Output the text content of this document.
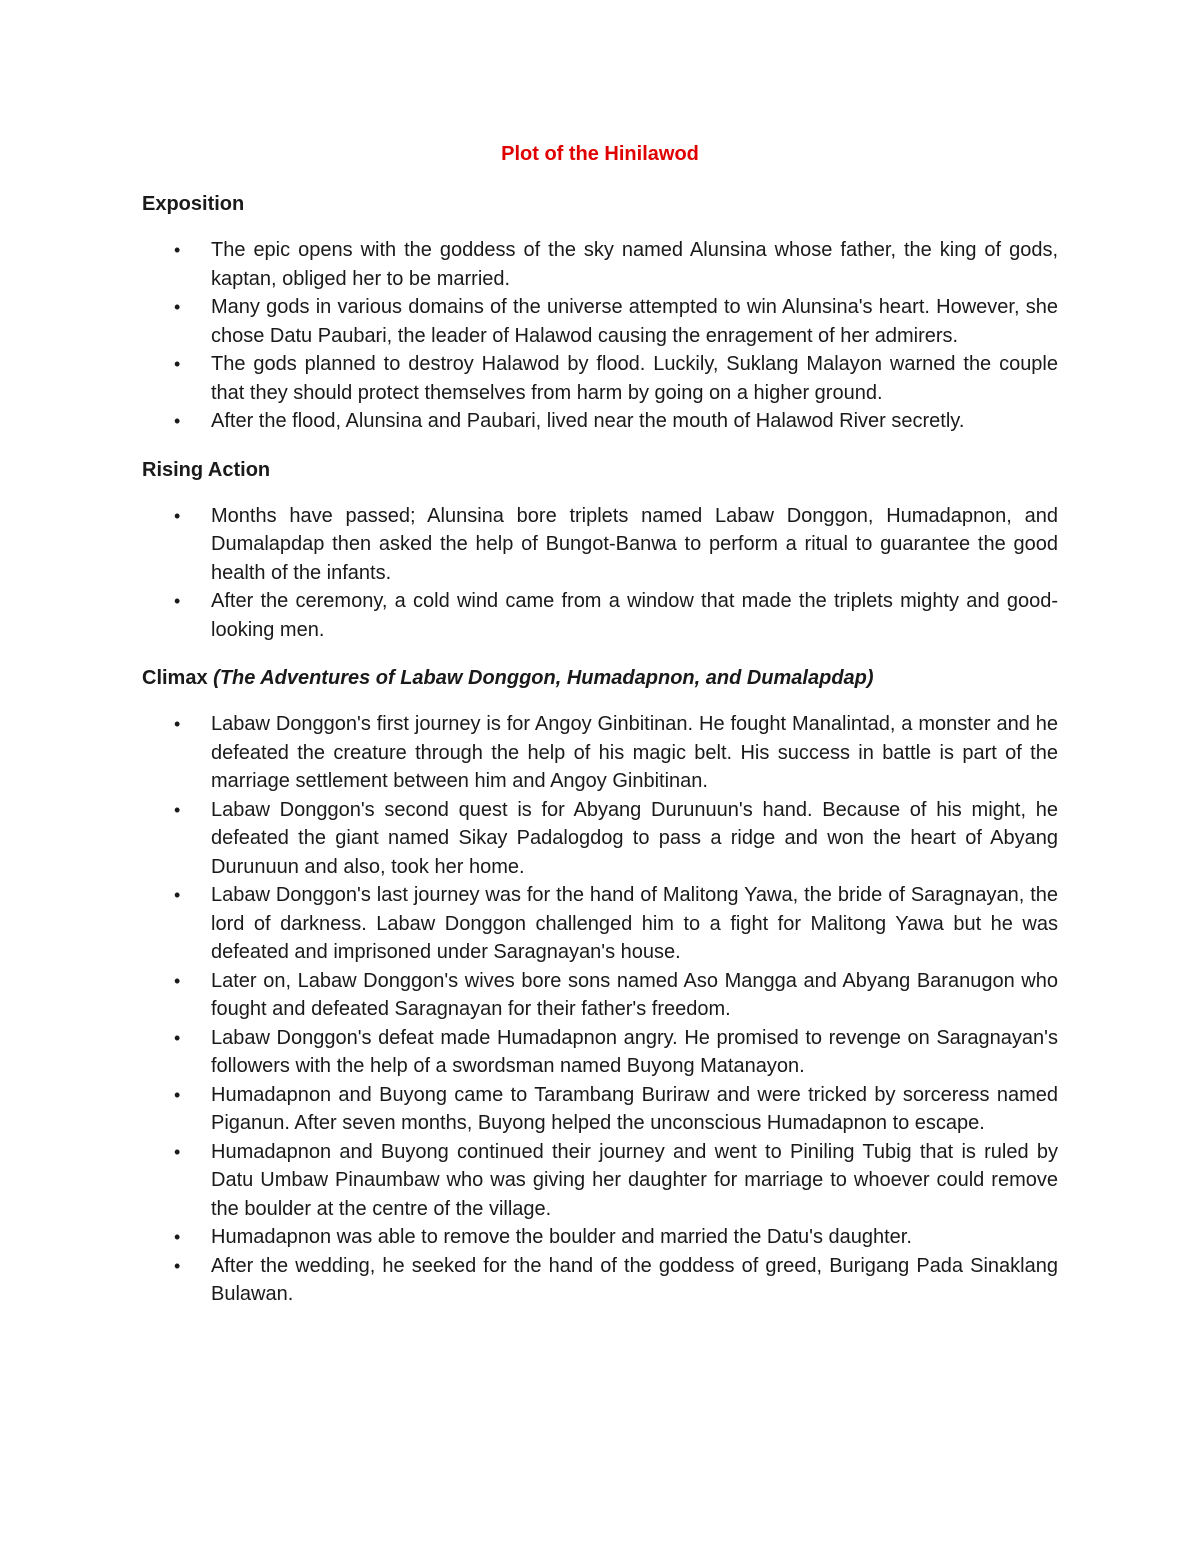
Plot of the Hinilawod
Exposition
• The epic opens with the goddess of the sky named Alunsina whose father, the king of gods, kaptan, obliged her to be married.
• Many gods in various domains of the universe attempted to win Alunsina's heart. However, she chose Datu Paubari, the leader of Halawod causing the enragement of her admirers.
• The gods planned to destroy Halawod by flood. Luckily, Suklang Malayon warned the couple that they should protect themselves from harm by going on a higher ground.
• After the flood, Alunsina and Paubari, lived near the mouth of Halawod River secretly.
Rising Action
• Months have passed; Alunsina bore triplets named Labaw Donggon, Humadapnon, and Dumalapdap then asked the help of Bungot-Banwa to perform a ritual to guarantee the good health of the infants.
• After the ceremony, a cold wind came from a window that made the triplets mighty and good-looking men.
Climax (The Adventures of Labaw Donggon, Humadapnon, and Dumalapdap)
• Labaw Donggon's first journey is for Angoy Ginbitinan. He fought Manalintad, a monster and he defeated the creature through the help of his magic belt. His success in battle is part of the marriage settlement between him and Angoy Ginbitinan.
• Labaw Donggon's second quest is for Abyang Durunuun's hand. Because of his might, he defeated the giant named Sikay Padalogdog to pass a ridge and won the heart of Abyang Durunuun and also, took her home.
• Labaw Donggon's last journey was for the hand of Malitong Yawa, the bride of Saragnayan, the lord of darkness. Labaw Donggon challenged him to a fight for Malitong Yawa but he was defeated and imprisoned under Saragnayan's house.
• Later on, Labaw Donggon's wives bore sons named Aso Mangga and Abyang Baranugon who fought and defeated Saragnayan for their father's freedom.
• Labaw Donggon's defeat made Humadapnon angry. He promised to revenge on Saragnayan's followers with the help of a swordsman named Buyong Matanayon.
• Humadapnon and Buyong came to Tarambang Buriraw and were tricked by sorceress named Piganun. After seven months, Buyong helped the unconscious Humadapnon to escape.
• Humadapnon and Buyong continued their journey and went to Piniling Tubig that is ruled by Datu Umbaw Pinaumbaw who was giving her daughter for marriage to whoever could remove the boulder at the centre of the village.
• Humadapnon was able to remove the boulder and married the Datu's daughter.
• After the wedding, he seeked for the hand of the goddess of greed, Burigang Pada Sinaklang Bulawan.
